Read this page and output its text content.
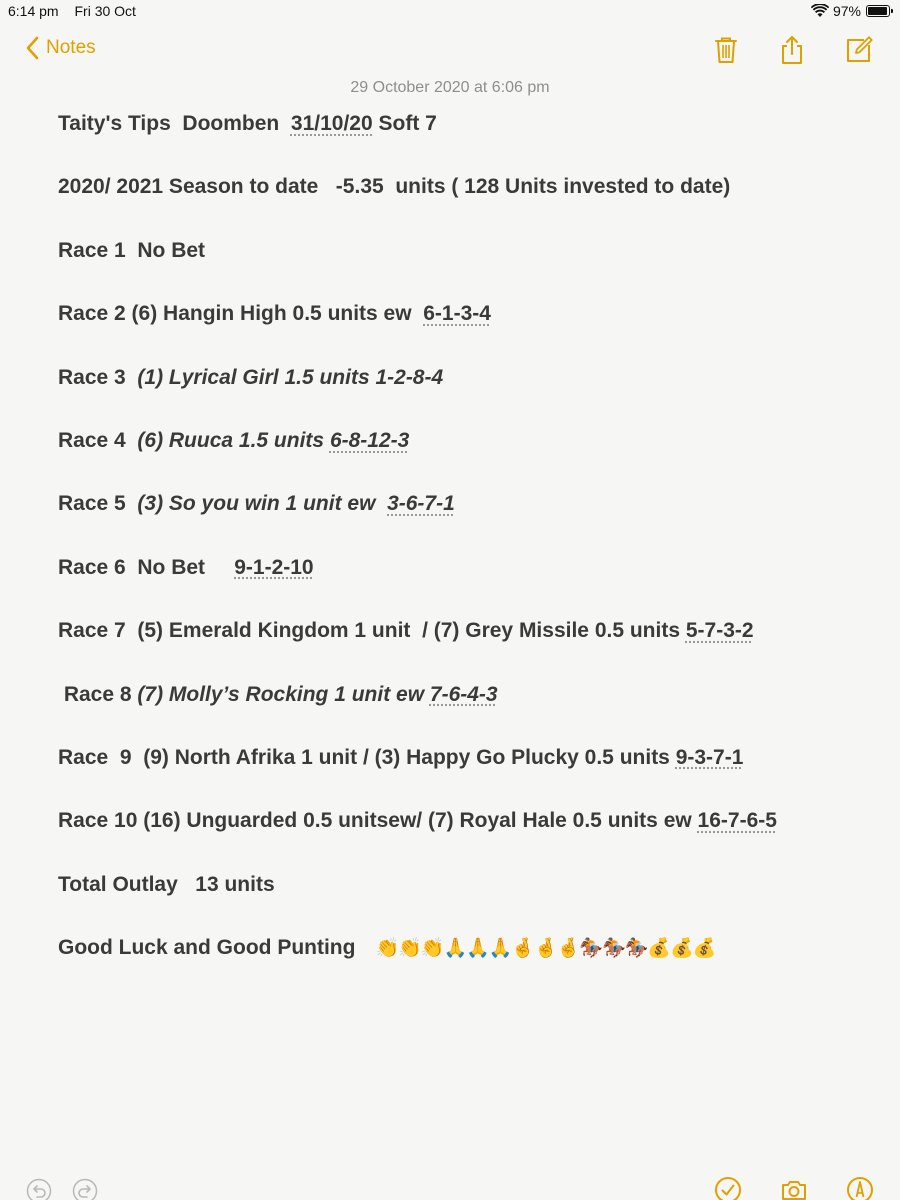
6:14 pm Fri 30 Oct	97%
Notes
29 October 2020 at 6:06 pm
Taity's Tips  Doomben 31/10/20 Soft 7
2020/ 2021 Season to date   -5.35  units ( 128 Units invested to date)
Race 1  No Bet
Race 2 (6) Hangin High 0.5 units ew 6-1-3-4
Race 3 (1) Lyrical Girl 1.5 units 1-2-8-4
Race 4 (6) Ruuca 1.5 units 6-8-12-3
Race 5 (3) So you win 1 unit ew 3-6-7-1
Race 6  No Bet 9-1-2-10
Race 7  (5) Emerald Kingdom 1 unit  / (7) Grey Missile 0.5 units 5-7-3-2
Race 8 (7) Molly’s Rocking 1 unit ew 7-6-4-3
Race  9  (9) North Afrika 1 unit / (3) Happy Go Plucky 0.5 units 9-3-7-1
Race 10 (16) Unguarded 0.5 unitsew/ (7) Royal Hale 0.5 units ew 16-7-6-5
Total Outlay   13 units
Good Luck and Good Punting 👏👏👏🙏🙏🙏🤞🤞🤞🏇🏇🏇💰💰💰
